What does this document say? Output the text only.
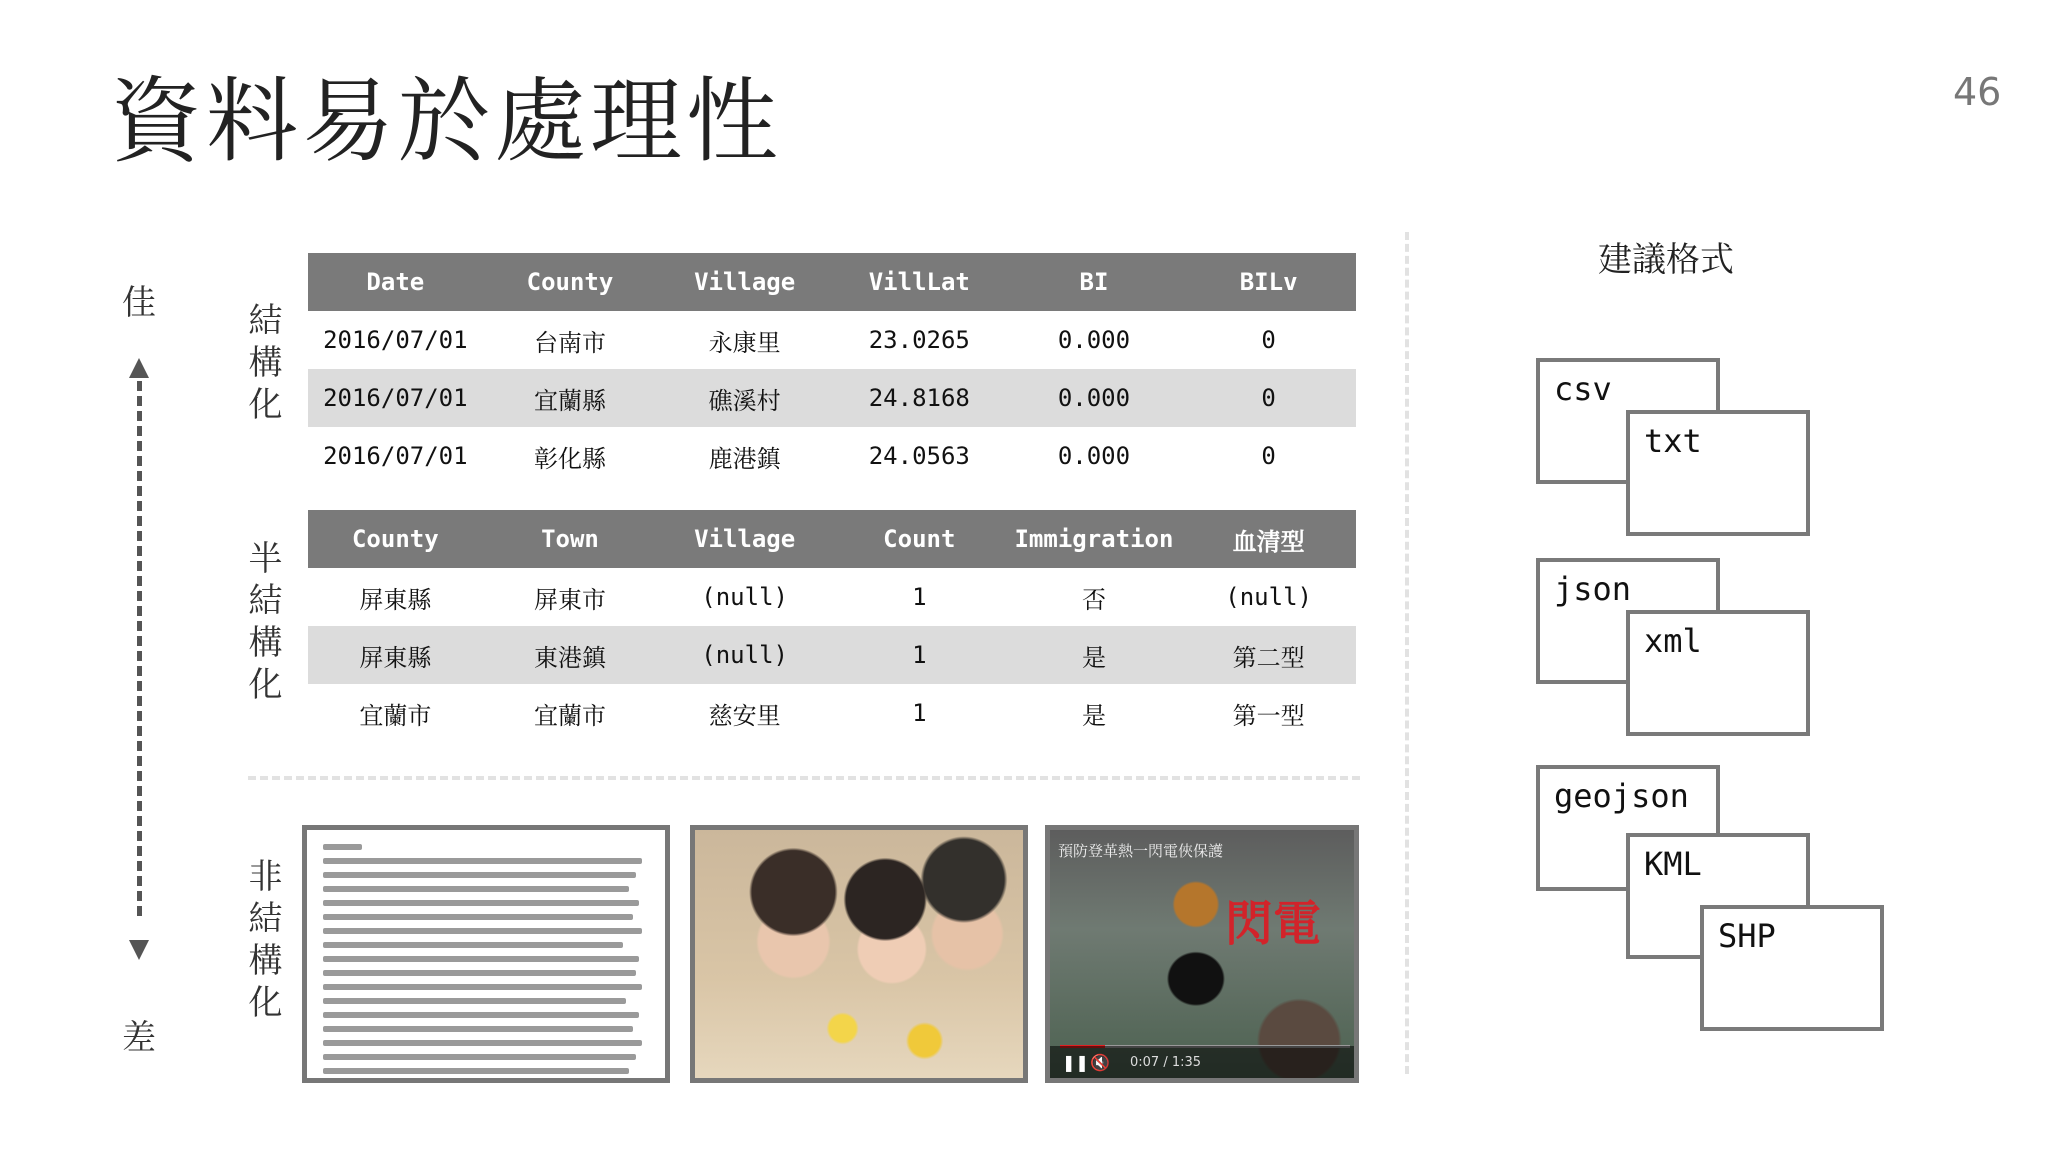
資料易於處理性	46
佳
差
結構化
半結構化
非結構化
Date	County	Village	VillLat	BI	BILv
2016/07/01	台南市	永康里	23.0265	0.000	0
2016/07/01	宜蘭縣	礁溪村	24.8168	0.000	0
2016/07/01	彰化縣	鹿港鎮	24.0563	0.000	0
County	Town	Village	Count	Immigration	血清型
屏東縣	屏東市	(null)	1	否	(null)
屏東縣	東港鎮	(null)	1	是	第二型
宜蘭市	宜蘭市	慈安里	1	是	第一型
預防登革熱一閃電俠保護
閃電
❚❚ 🔇 0:07 / 1:35
建議格式
csv
txt
json
xml
geojson
KML
SHP
